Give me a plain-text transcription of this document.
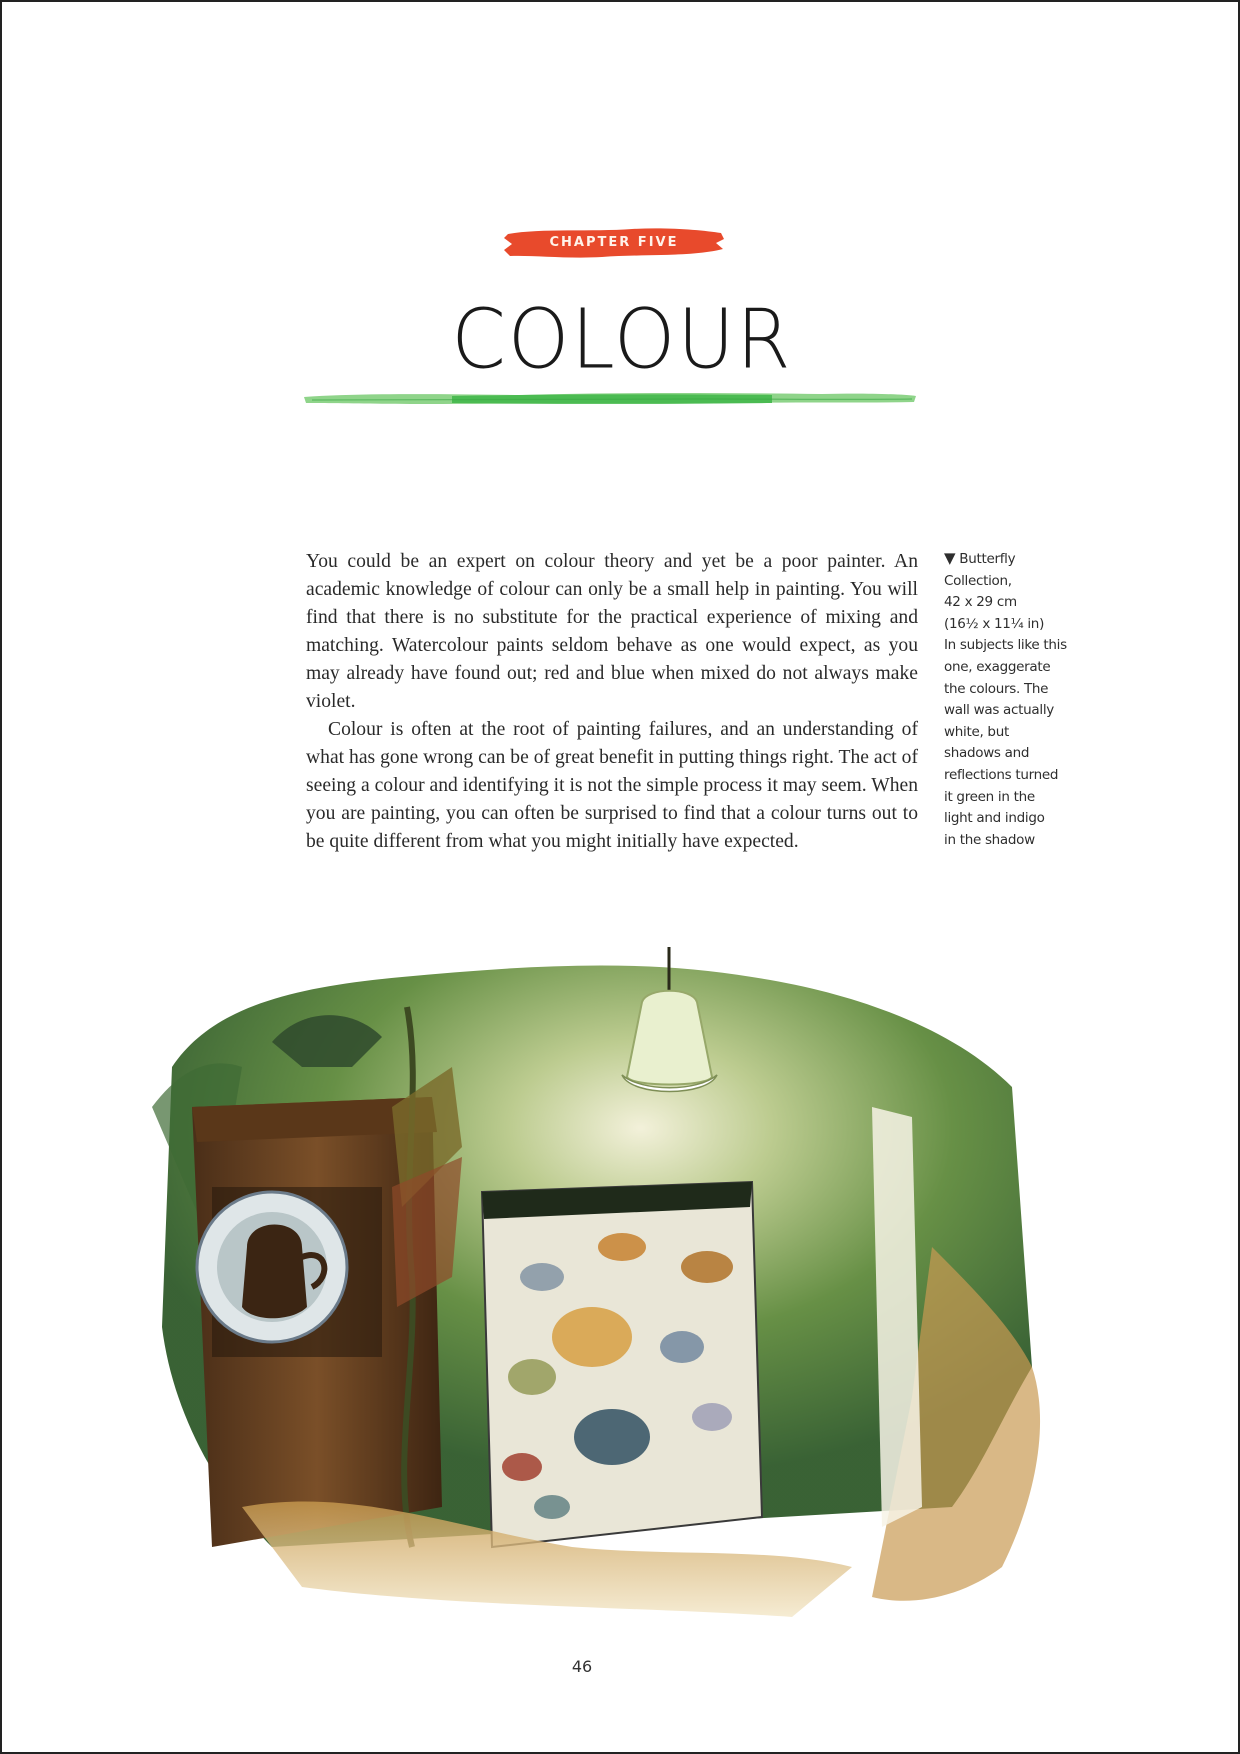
CHAPTER FIVE
COLOUR

You could be an expert on colour theory and yet be a poor painter. An academic knowledge of colour can only be a small help in painting. You will find that there is no substitute for the practical experience of mixing and matching. Watercolour paints seldom behave as one would expect, as you may already have found out; red and blue when mixed do not always make violet.

Colour is often at the root of painting failures, and an understanding of what has gone wrong can be of great benefit in putting things right. The act of seeing a colour and identifying it is not the simple process it may seem. When you are painting, you can often be surprised to find that a colour turns out to be quite different from what you might initially have expected.

▼ Butterfly
Collection,
42 x 29 cm
(16½ x 11¼ in)
In subjects like this
one, exaggerate
the colours. The
wall was actually
white, but
shadows and
reflections turned
it green in the
light and indigo
in the shadow
46
